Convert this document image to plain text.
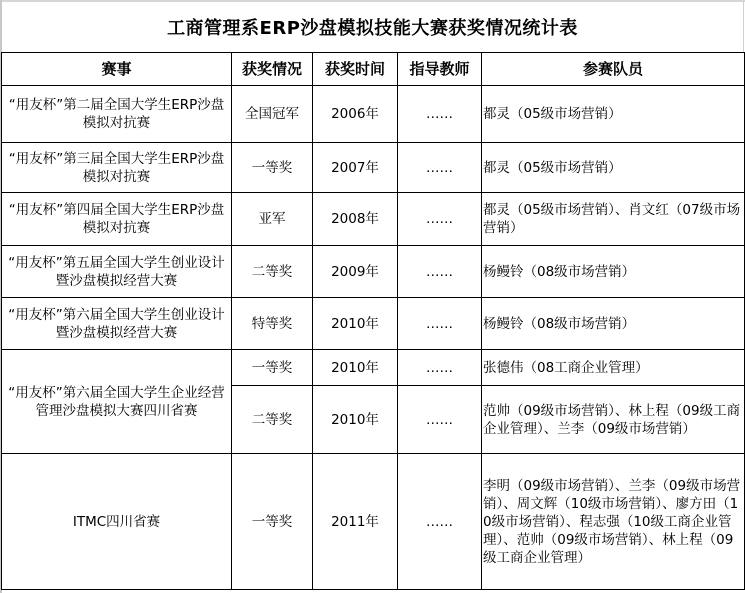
工商管理系ERP沙盘模拟技能大赛获奖情况统计表
赛事	获奖情况	获奖时间	指导教师	参赛队员
“用友杯”第二届全国大学生ERP沙盘模拟对抗赛	全国冠军	2006年	……	都灵（05级市场营销）
“用友杯”第三届全国大学生ERP沙盘模拟对抗赛	一等奖	2007年	……	都灵（05级市场营销）
“用友杯”第四届全国大学生ERP沙盘模拟对抗赛	亚军	2008年	……	都灵（05级市场营销）、肖文红（07级市场营销）
“用友杯”第五届全国大学生创业设计暨沙盘模拟经营大赛	二等奖	2009年	……	杨鳗铃（08级市场营销）
“用友杯”第六届全国大学生创业设计暨沙盘模拟经营大赛	特等奖	2010年	……	杨鳗铃（08级市场营销）
“用友杯”第六届全国大学生企业经营管理沙盘模拟大赛四川省赛	一等奖	2010年	……	张德伟（08工商企业管理）
	二等奖	2010年	……	范帅（09级市场营销）、林上程（09级工商企业管理）、兰李（09级市场营销）
ITMC四川省赛	一等奖	2011年	……	李明（09级市场营销）、兰李（09级市场营销）、周文辉（10级市场营销）、廖方田（10级市场营销）、程志强（10级工商企业管理）、范帅（09级市场营销）、林上程（09级工商企业管理）
